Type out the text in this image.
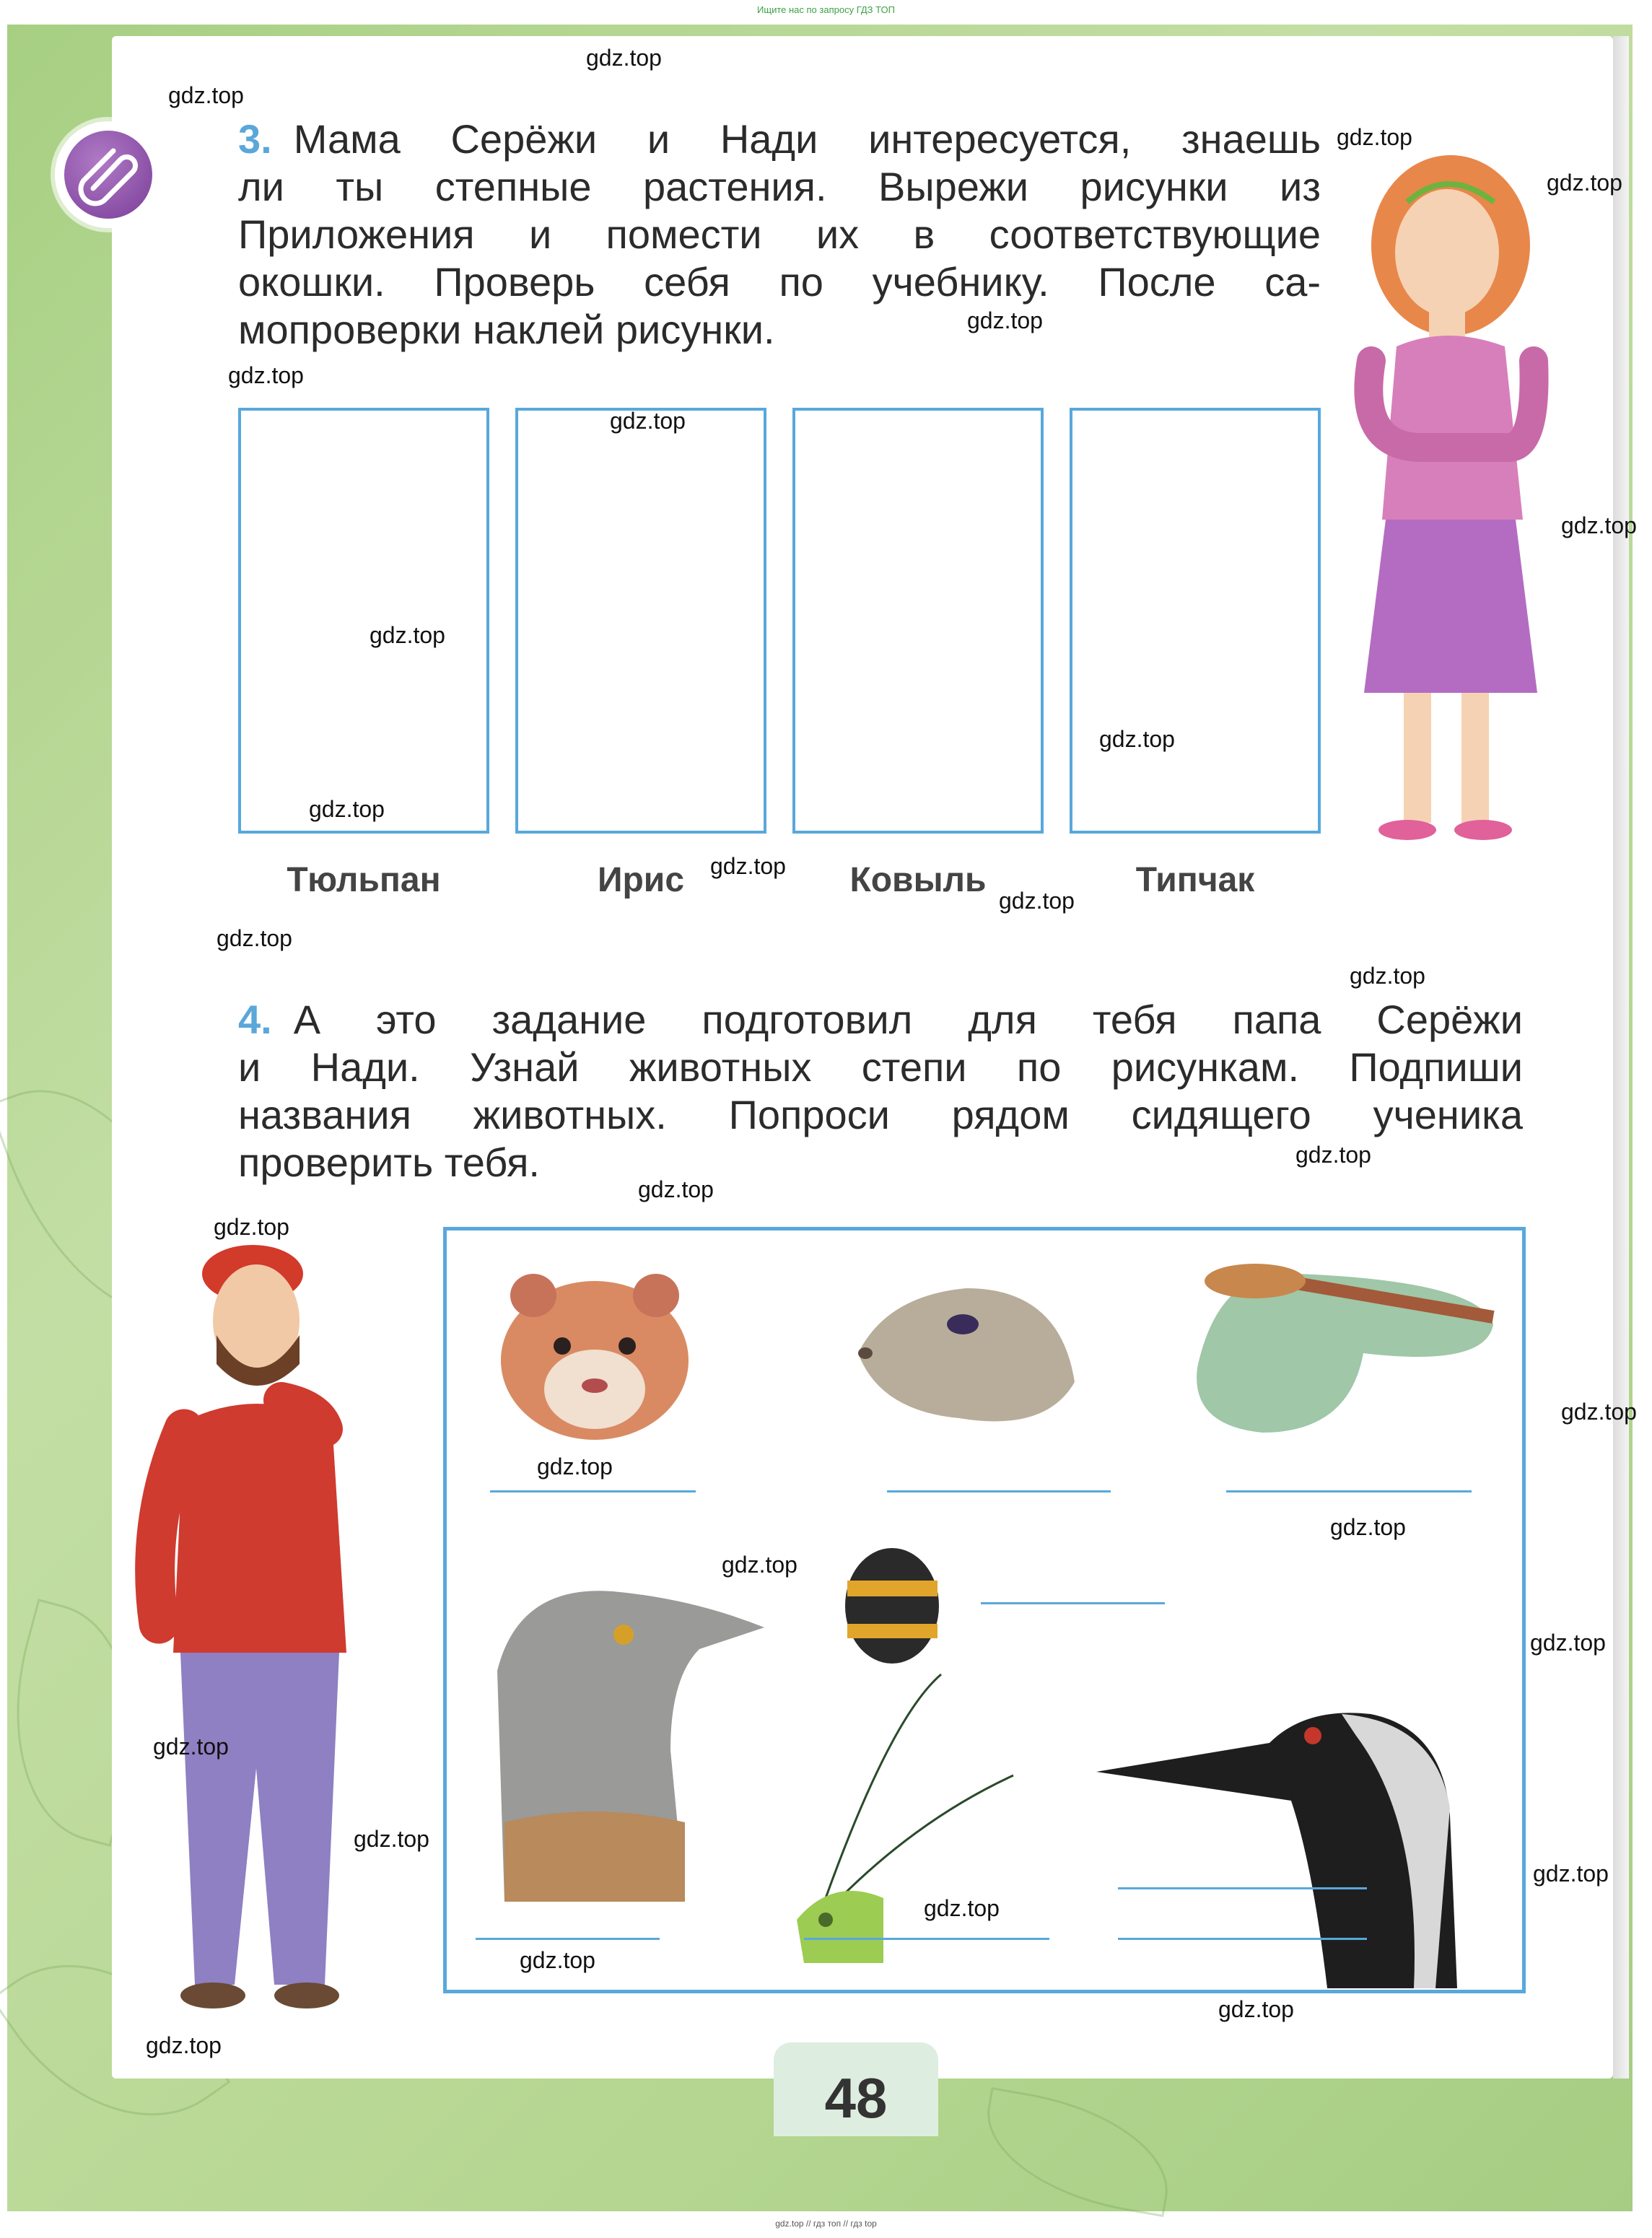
Ищите нас по запросу ГДЗ ТОП
3. Мама Серёжи и Нади интересуется, знаешь
ли ты степные растения. Вырежи рисунки из
Приложения и помести их в соответствующие
окошки. Проверь себя по учебнику. После са-
мопроверки наклей рисунки.
Тюльпан	Ирис	Ковыль	Типчак
4. А это задание подготовил для тебя папа Серёжи
и Нади. Узнай животных степи по рисункам. Подпиши
названия животных. Попроси рядом сидящего ученика
проверить тебя.
48
gdz.top
gdz.top
gdz.top
gdz.top
gdz.top
gdz.top
gdz.top
gdz.top
gdz.top
gdz.top
gdz.top
gdz.top
gdz.top
gdz.top
gdz.top
gdz.top
gdz.top
gdz.top
gdz.top
gdz.top
gdz.top
gdz.top
gdz.top
gdz.top
gdz.top
gdz.top
gdz.top
gdz.top
gdz.top
gdz.top
gdz.top // гдз топ // гдз top
